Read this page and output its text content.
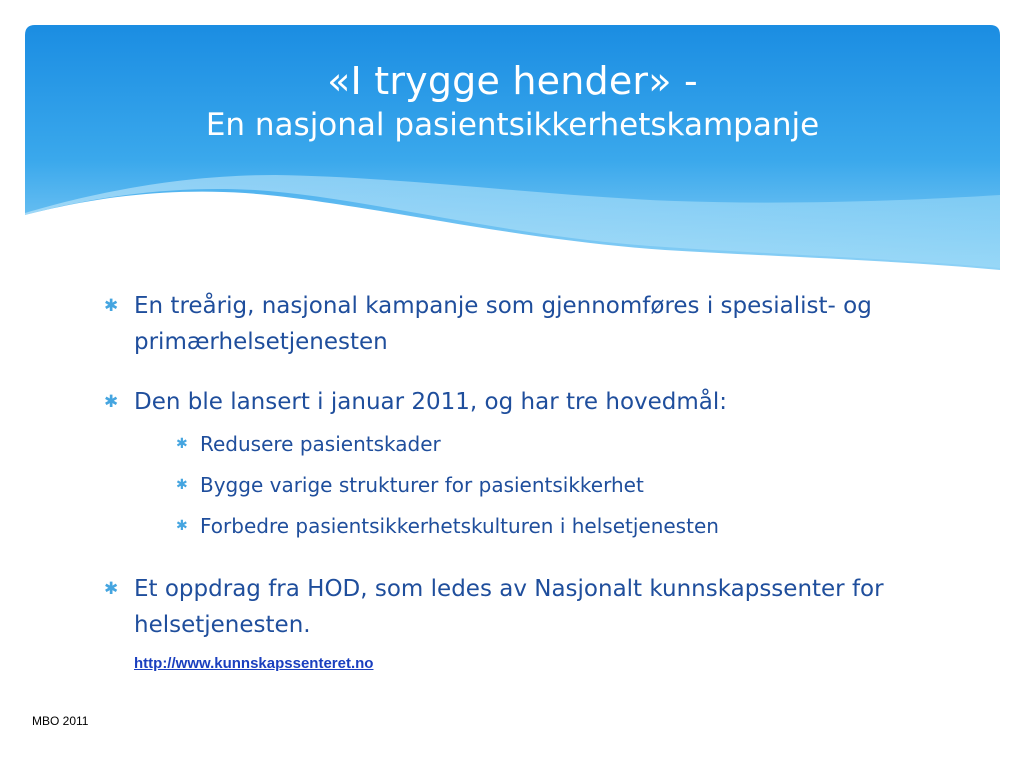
«I trygge hender» -
En nasjonal pasientsikkerhetskampanje
✱ En treårig, nasjonal kampanje som gjennomføres i spesialist- og primærhelsetjenesten
✱ Den ble lansert i januar 2011, og har tre hovedmål:
✱ Redusere pasientskader
✱ Bygge varige strukturer for pasientsikkerhet
✱ Forbedre pasientsikkerhetskulturen i helsetjenesten
✱ Et oppdrag fra HOD, som ledes av Nasjonalt kunnskapssenter for helsetjenesten.
http://www.kunnskapssenteret.no
MBO 2011
